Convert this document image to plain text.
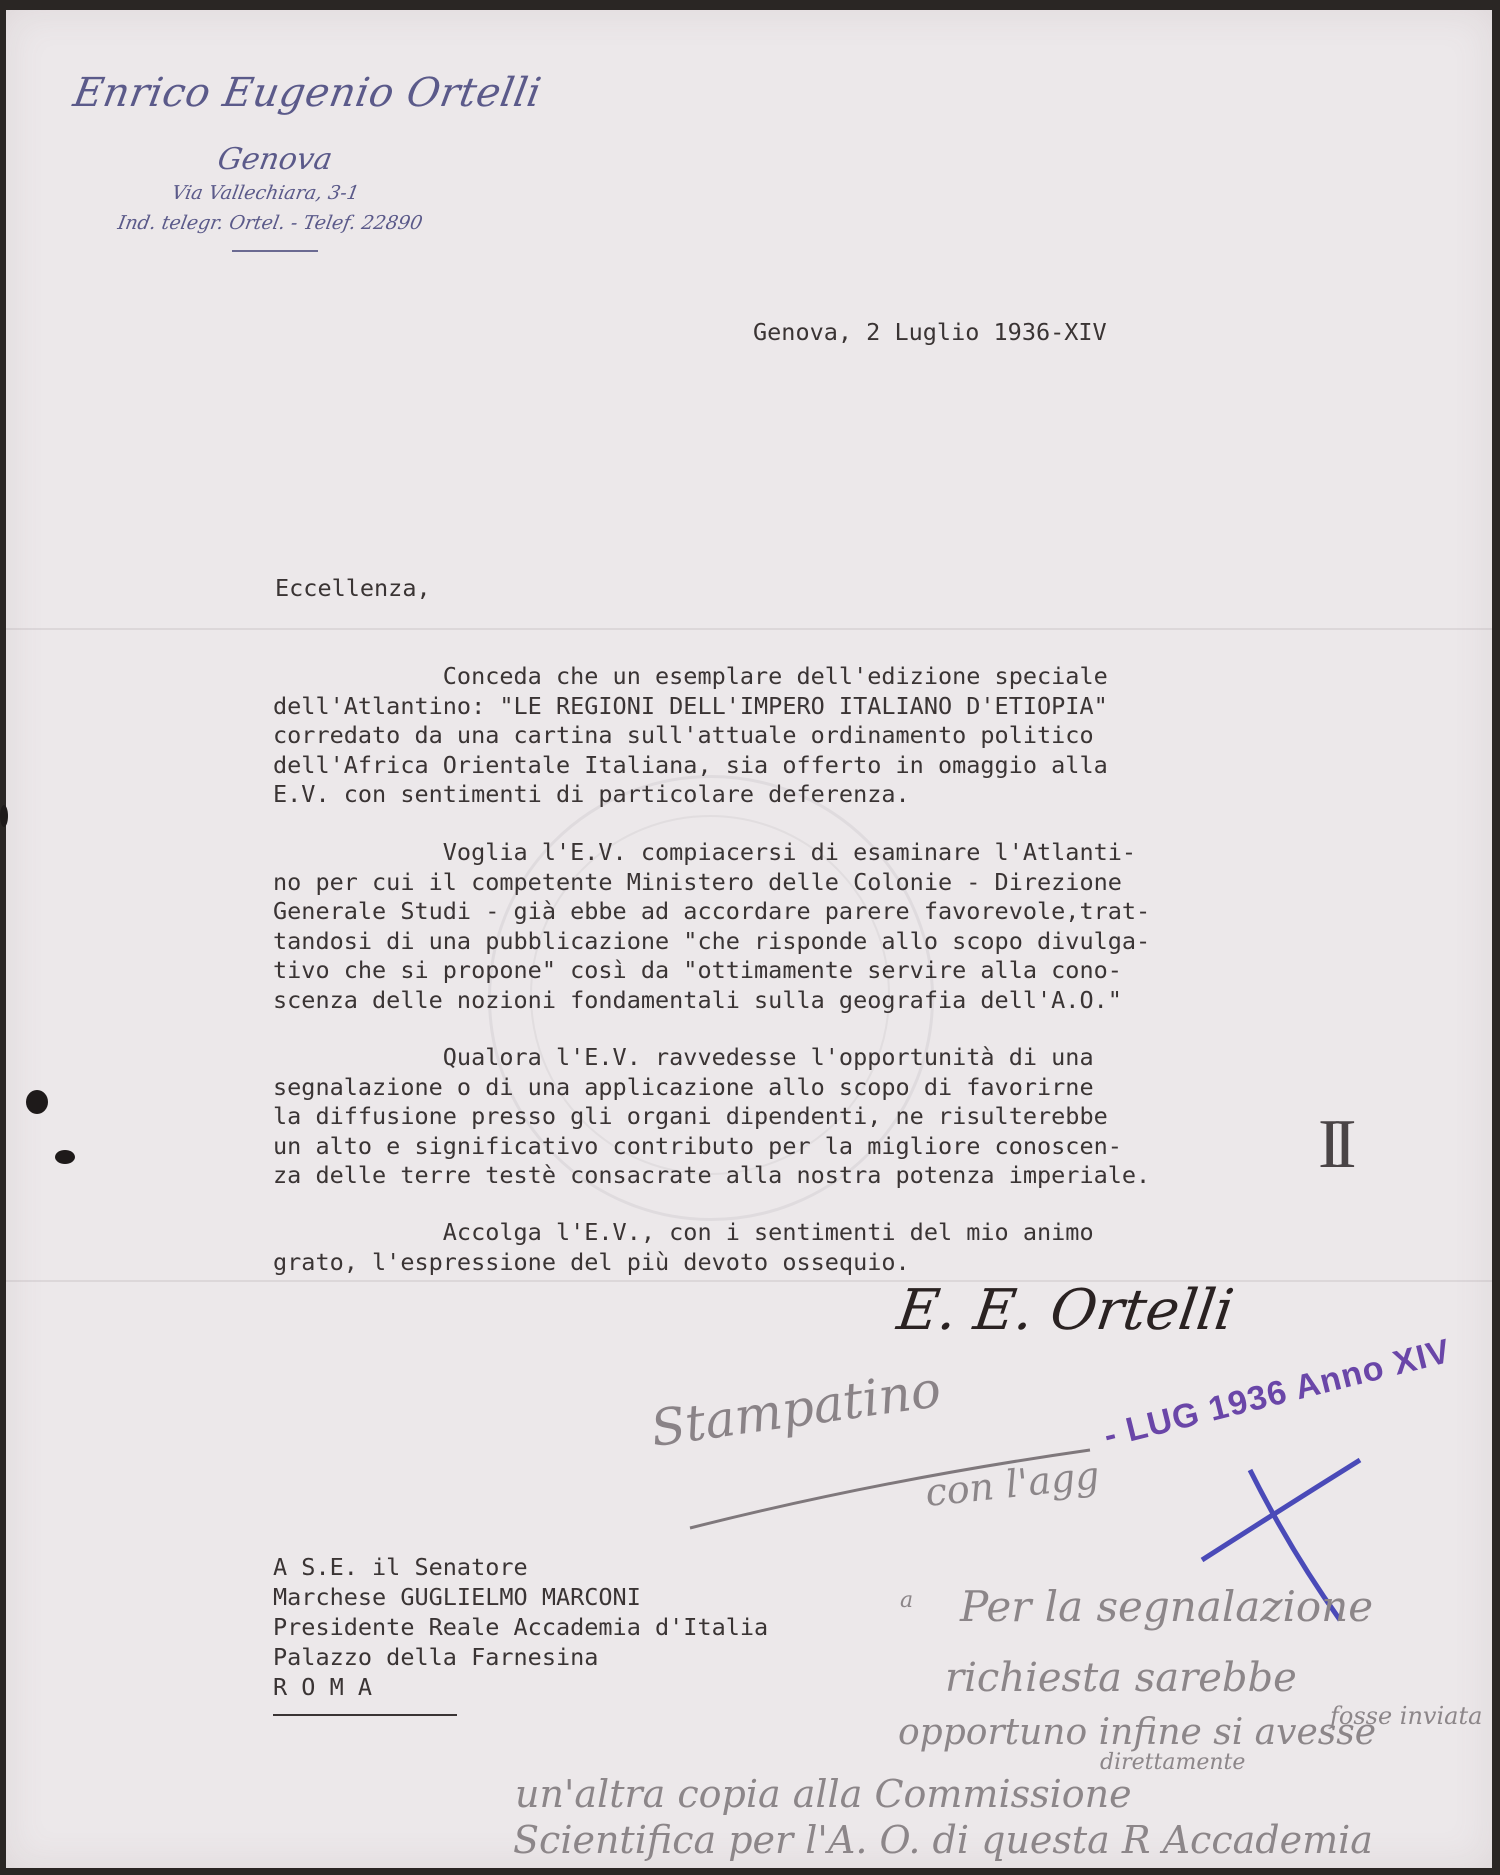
Enrico Eugenio Ortelli
Genova
Via Vallechiara, 3-1
Ind. telegr. Ortel. - Telef. 22890

Genova, 2 Luglio 1936-XIV

Eccellenza,

Conceda che un esemplare dell'edizione speciale
dell'Atlantino: "LE REGIONI DELL'IMPERO ITALIANO D'ETIOPIA"
corredato da una cartina sull'attuale ordinamento politico
dell'Africa Orientale Italiana, sia offerto in omaggio alla
E.V. con sentimenti di particolare deferenza.

Voglia l'E.V. compiacersi di esaminare l'Atlanti-
no per cui il competente Ministero delle Colonie - Direzione
Generale Studi - già ebbe ad accordare parere favorevole,trat-
tandosi di una pubblicazione "che risponde allo scopo divulga-
tivo che si propone" così da "ottimamente servire alla cono-
scenza delle nozioni fondamentali sulla geografia dell'A.O."

Qualora l'E.V. ravvedesse l'opportunità di una
segnalazione o di una applicazione allo scopo di favorirne
la diffusione presso gli organi dipendenti, ne risulterebbe
un alto e significativo contributo per la migliore conoscen-
za delle terre testè consacrate alla nostra potenza imperiale.

Accolga l'E.V., con i sentimenti del mio animo
grato, l'espressione del più devoto ossequio.

II
E. E. Ortelli
Stampatino
con l'agg
- LUG 1936 Anno XIV

A S.E. il Senatore
Marchese GUGLIELMO MARCONI
Presidente Reale Accademia d'Italia
Palazzo della Farnesina
R O M A

a Per la segnalazione
richiesta sarebbe
opportuno infine si avesse
fosse inviata
direttamente
un'altra copia alla Commissione
Scientifica per l'A. O. di questa R Accademia
